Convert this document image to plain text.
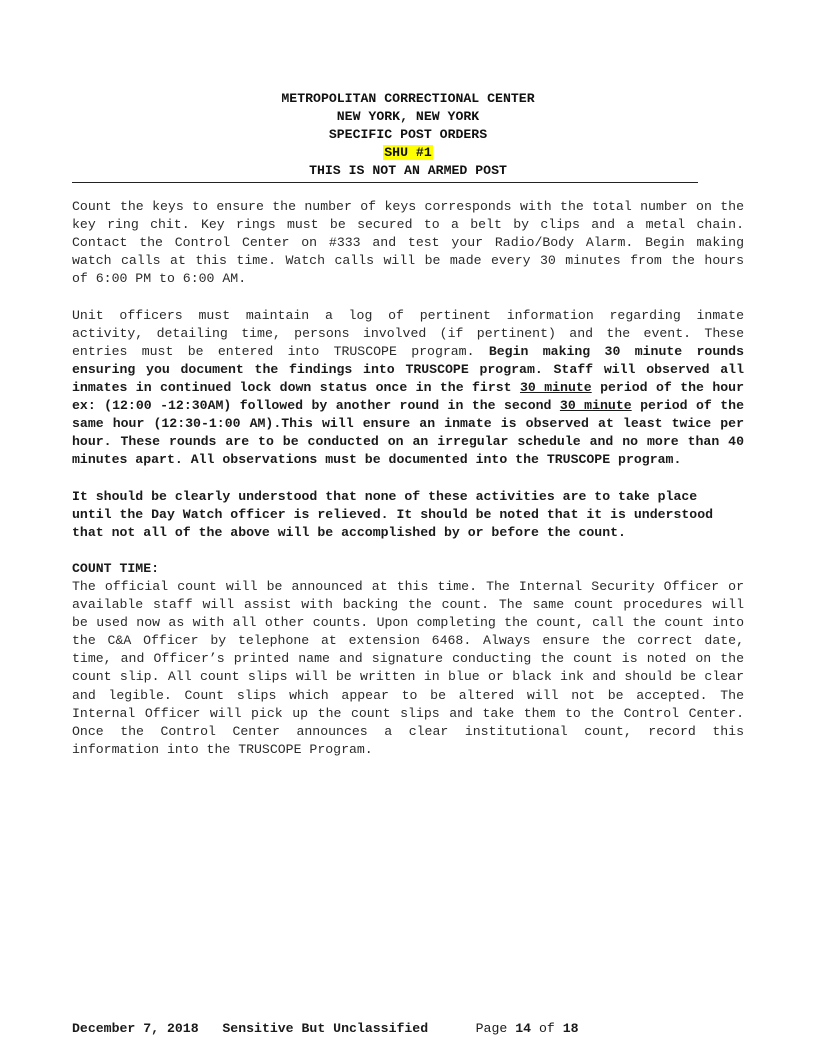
METROPOLITAN CORRECTIONAL CENTER
NEW YORK, NEW YORK
SPECIFIC POST ORDERS
SHU #1
THIS IS NOT AN ARMED POST

Count the keys to ensure the number of keys corresponds with the total number on the key ring chit. Key rings must be secured to a belt by clips and a metal chain. Contact the Control Center on #333 and test your Radio/Body Alarm. Begin making watch calls at this time. Watch calls will be made every 30 minutes from the hours of 6:00 PM to 6:00 AM.

Unit officers must maintain a log of pertinent information regarding inmate activity, detailing time, persons involved (if pertinent) and the event. These entries must be entered into TRUSCOPE program. Begin making 30 minute rounds ensuring you document the findings into TRUSCOPE program. Staff will observed all inmates in continued lock down status once in the first 30 minute period of the hour ex: (12:00 -12:30AM) followed by another round in the second 30 minute period of the same hour (12:30-1:00 AM).This will ensure an inmate is observed at least twice per hour. These rounds are to be conducted on an irregular schedule and no more than 40 minutes apart. All observations must be documented into the TRUSCOPE program.

It should be clearly understood that none of these activities are to take place until the Day Watch officer is relieved. It should be noted that it is understood that not all of the above will be accomplished by or before the count.

COUNT TIME:
The official count will be announced at this time. The Internal Security Officer or available staff will assist with backing the count. The same count procedures will be used now as with all other counts. Upon completing the count, call the count into the C&A Officer by telephone at extension 6468. Always ensure the correct date, time, and Officer’s printed name and signature conducting the count is noted on the count slip. All count slips will be written in blue or black ink and should be clear and legible. Count slips which appear to be altered will not be accepted. The Internal Officer will pick up the count slips and take them to the Control Center. Once the Control Center announces a clear institutional count, record this information into the TRUSCOPE Program.

December 7, 2018 Sensitive But Unclassified	Page 14 of 18
